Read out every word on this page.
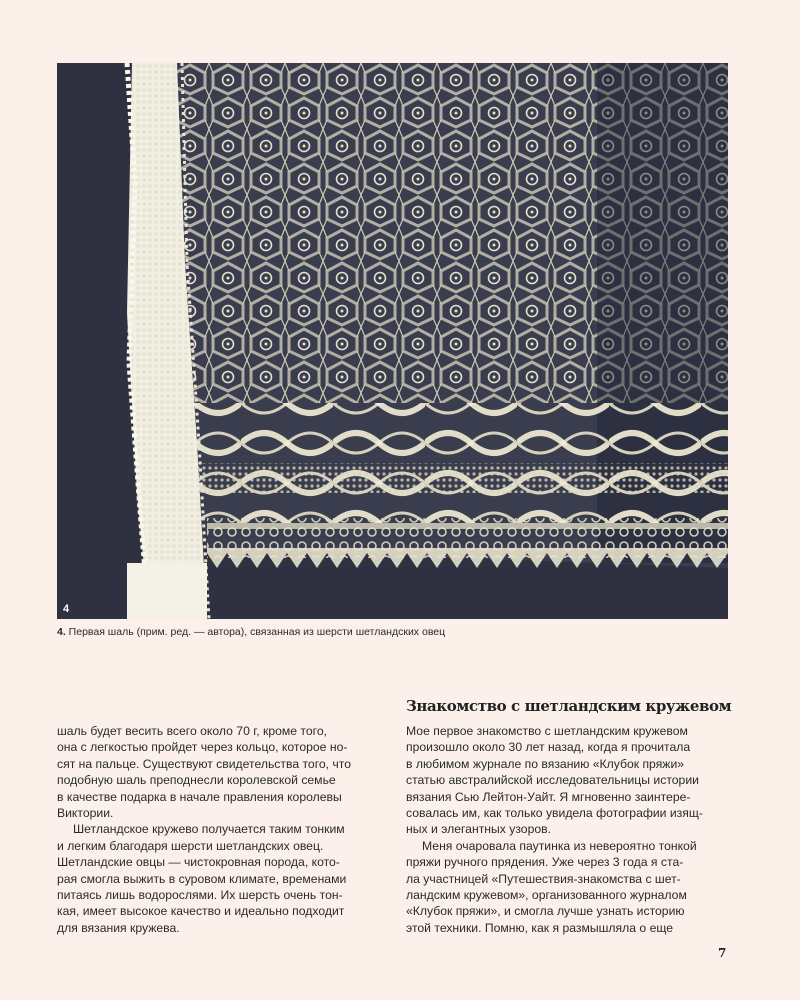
4
4. Первая шаль (прим. ред. — автора), связанная из шерсти шетландских овец
Знакомство с шетландским кружевом

шаль будет весить всего около 70 г, кроме того,
она с легкостью пройдет через кольцо, которое но-
сят на пальце. Существуют свидетельства того, что
подобную шаль преподнесли королевской семье
в качестве подарка в начале правления королевы
Виктории.

Шетландское кружево получается таким тонким
и легким благодаря шерсти шетландских овец.
Шетландские овцы — чистокровная порода, кото-
рая смогла выжить в суровом климате, временами
питаясь лишь водорослями. Их шерсть очень тон-
кая, имеет высокое качество и идеально подходит
для вязания кружева.

Мое первое знакомство с шетландским кружевом
произошло около 30 лет назад, когда я прочитала
в любимом журнале по вязанию «Клубок пряжи»
статью австралийской исследовательницы истории
вязания Сью Лейтон-Уайт. Я мгновенно заинтере-
совалась им, как только увидела фотографии изящ-
ных и элегантных узоров.

Меня очаровала паутинка из невероятно тонкой
пряжи ручного прядения. Уже через 3 года я ста-
ла участницей «Путешествия-знакомства с шет-
ландским кружевом», организованного журналом
«Клубок пряжи», и смогла лучше узнать историю
этой техники. Помню, как я размышляла о еще

7
